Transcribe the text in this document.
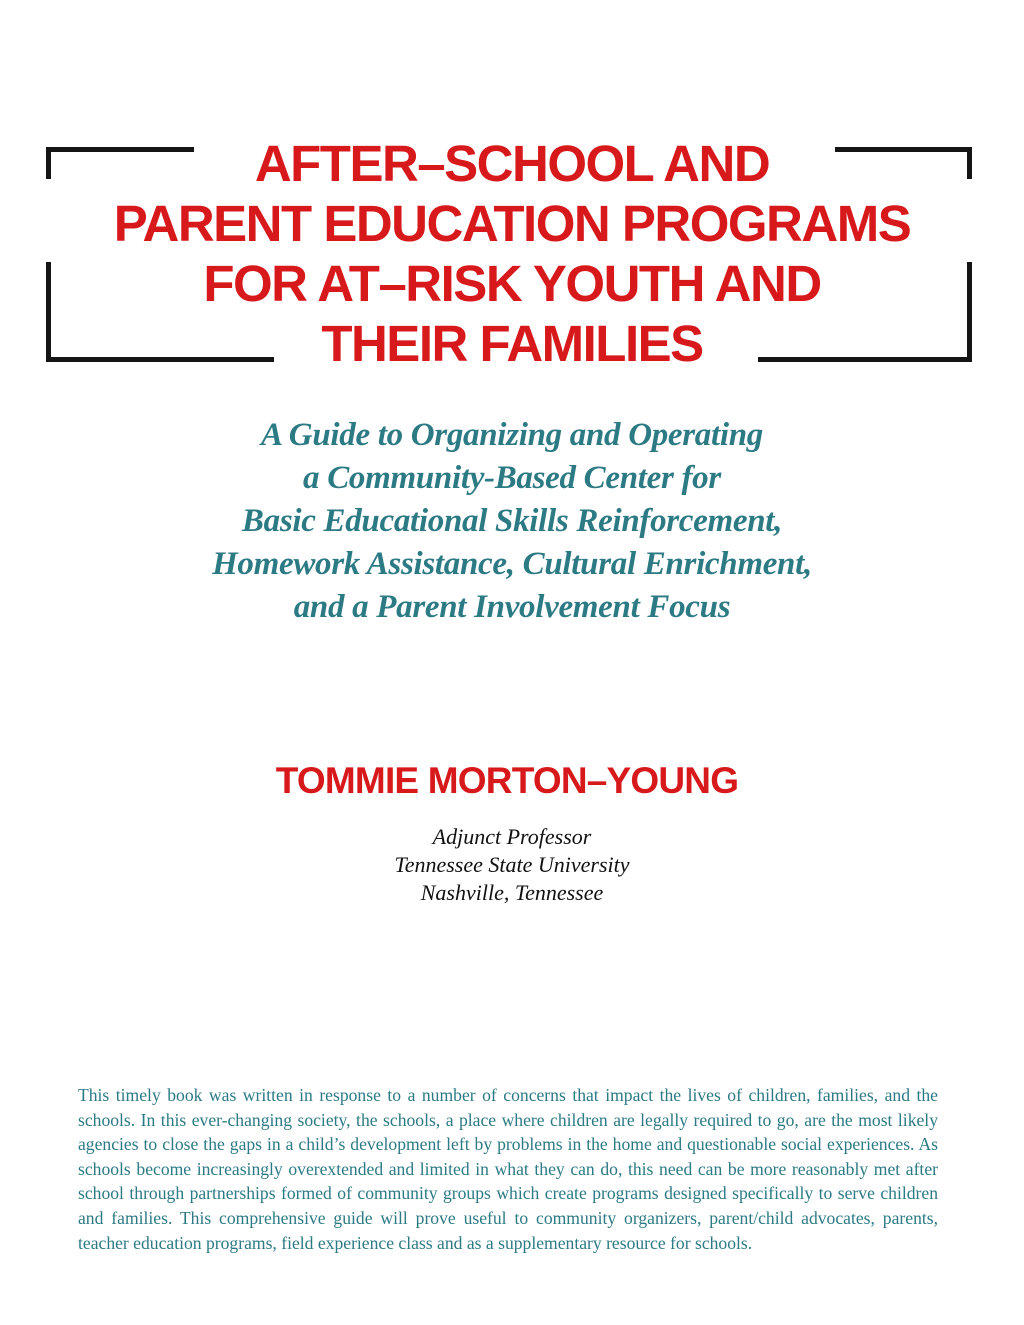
AFTER–SCHOOL AND
PARENT EDUCATION PROGRAMS
FOR AT–RISK YOUTH AND
THEIR FAMILIES
A Guide to Organizing and Operating
a Community-Based Center for
Basic Educational Skills Reinforcement,
Homework Assistance, Cultural Enrichment,
and a Parent Involvement Focus
TOMMIE MORTON–YOUNG
Adjunct Professor
Tennessee State University
Nashville, Tennessee

This timely book was written in response to a number of concerns that impact the lives of children, families, and the schools. In this ever-changing society, the schools, a place where children are legally required to go, are the most likely agencies to close the gaps in a child’s development left by problems in the home and questionable social experiences. As schools become increasingly overextended and limited in what they can do, this need can be more reasonably met after school through partnerships formed of community groups which create programs designed specifically to serve children and families. This comprehensive guide will prove useful to community organizers, parent/child advocates, parents, teacher education programs, field experience class and as a supplementary resource for schools.
